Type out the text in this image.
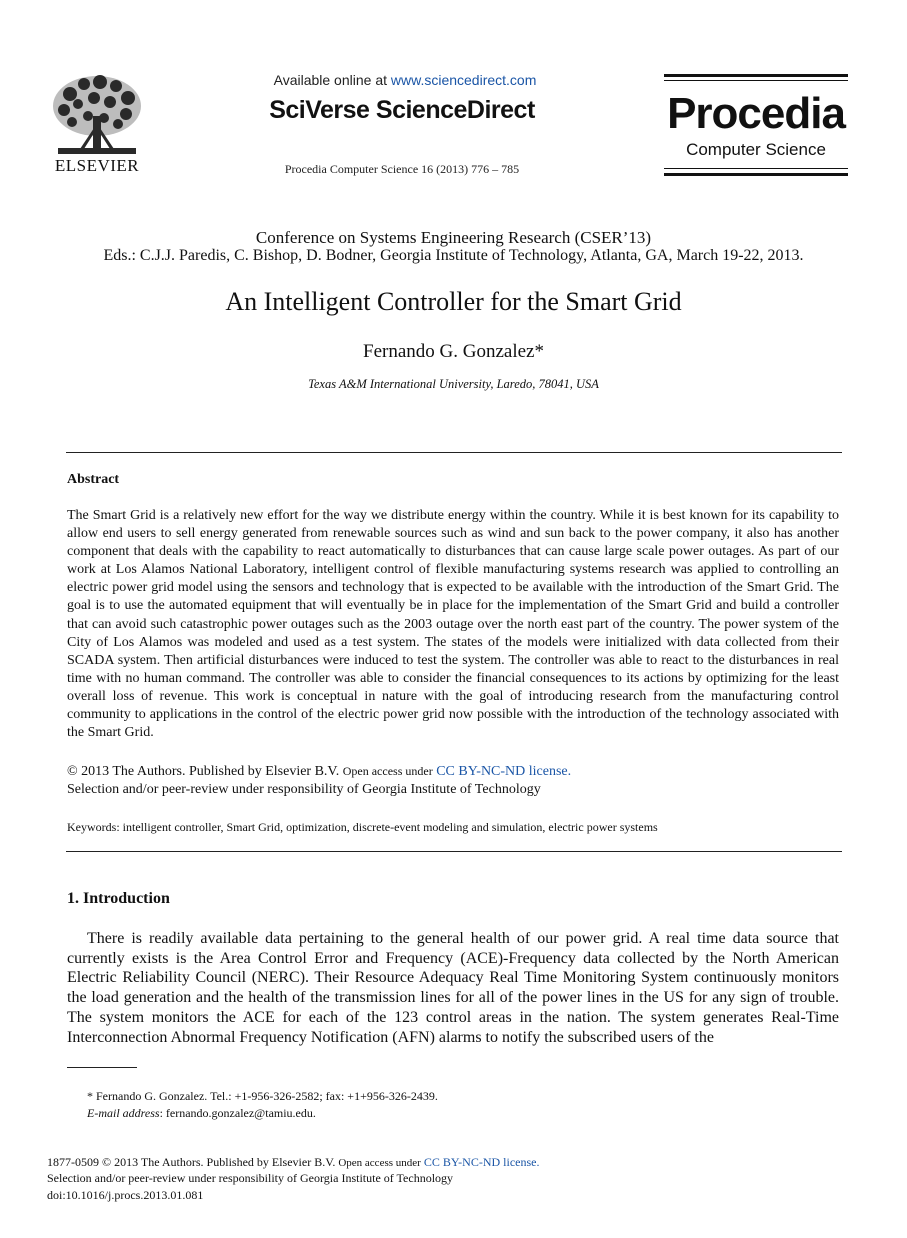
ELSEVIER
Available online at www.sciencedirect.com
SciVerse ScienceDirect
Procedia Computer Science 16 (2013) 776 – 785
Procedia
Computer Science
Conference on Systems Engineering Research (CSER’13)
Eds.: C.J.J. Paredis, C. Bishop, D. Bodner, Georgia Institute of Technology, Atlanta, GA, March 19-22, 2013.
An Intelligent Controller for the Smart Grid
Fernando G. Gonzalez*
Texas A&M International University, Laredo, 78041, USA
Abstract
The Smart Grid is a relatively new effort for the way we distribute energy within the country. While it is best known for its capability to allow end users to sell energy generated from renewable sources such as wind and sun back to the power company, it also has another component that deals with the capability to react automatically to disturbances that can cause large scale power outages. As part of our work at Los Alamos National Laboratory, intelligent control of flexible manufacturing systems research was applied to controlling an electric power grid model using the sensors and technology that is expected to be available with the introduction of the Smart Grid. The goal is to use the automated equipment that will eventually be in place for the implementation of the Smart Grid and build a controller that can avoid such catastrophic power outages such as the 2003 outage over the north east part of the country. The power system of the City of Los Alamos was modeled and used as a test system. The states of the models were initialized with data collected from their SCADA system. Then artificial disturbances were induced to test the system. The controller was able to react to the disturbances in real time with no human command. The controller was able to consider the financial consequences to its actions by optimizing for the least overall loss of revenue. This work is conceptual in nature with the goal of introducing research from the manufacturing control community to applications in the control of the electric power grid now possible with the introduction of the technology associated with the Smart Grid.
© 2013 The Authors. Published by Elsevier B.V. Open access under CC BY-NC-ND license.
Selection and/or peer-review under responsibility of Georgia Institute of Technology
Keywords: intelligent controller, Smart Grid, optimization, discrete-event modeling and simulation, electric power systems
1. Introduction
There is readily available data pertaining to the general health of our power grid. A real time data source that currently exists is the Area Control Error and Frequency (ACE)-Frequency data collected by the North American Electric Reliability Council (NERC). Their Resource Adequacy Real Time Monitoring System continuously monitors the load generation and the health of the transmission lines for all of the power lines in the US for any sign of trouble. The system monitors the ACE for each of the 123 control areas in the nation. The system generates Real-Time Interconnection Abnormal Frequency Notification (AFN) alarms to notify the subscribed users of the
* Fernando G. Gonzalez. Tel.: +1-956-326-2582; fax: +1+956-326-2439.
E-mail address: fernando.gonzalez@tamiu.edu.
1877-0509 © 2013 The Authors. Published by Elsevier B.V. Open access under CC BY-NC-ND license.
Selection and/or peer-review under responsibility of Georgia Institute of Technology
doi:10.1016/j.procs.2013.01.081
